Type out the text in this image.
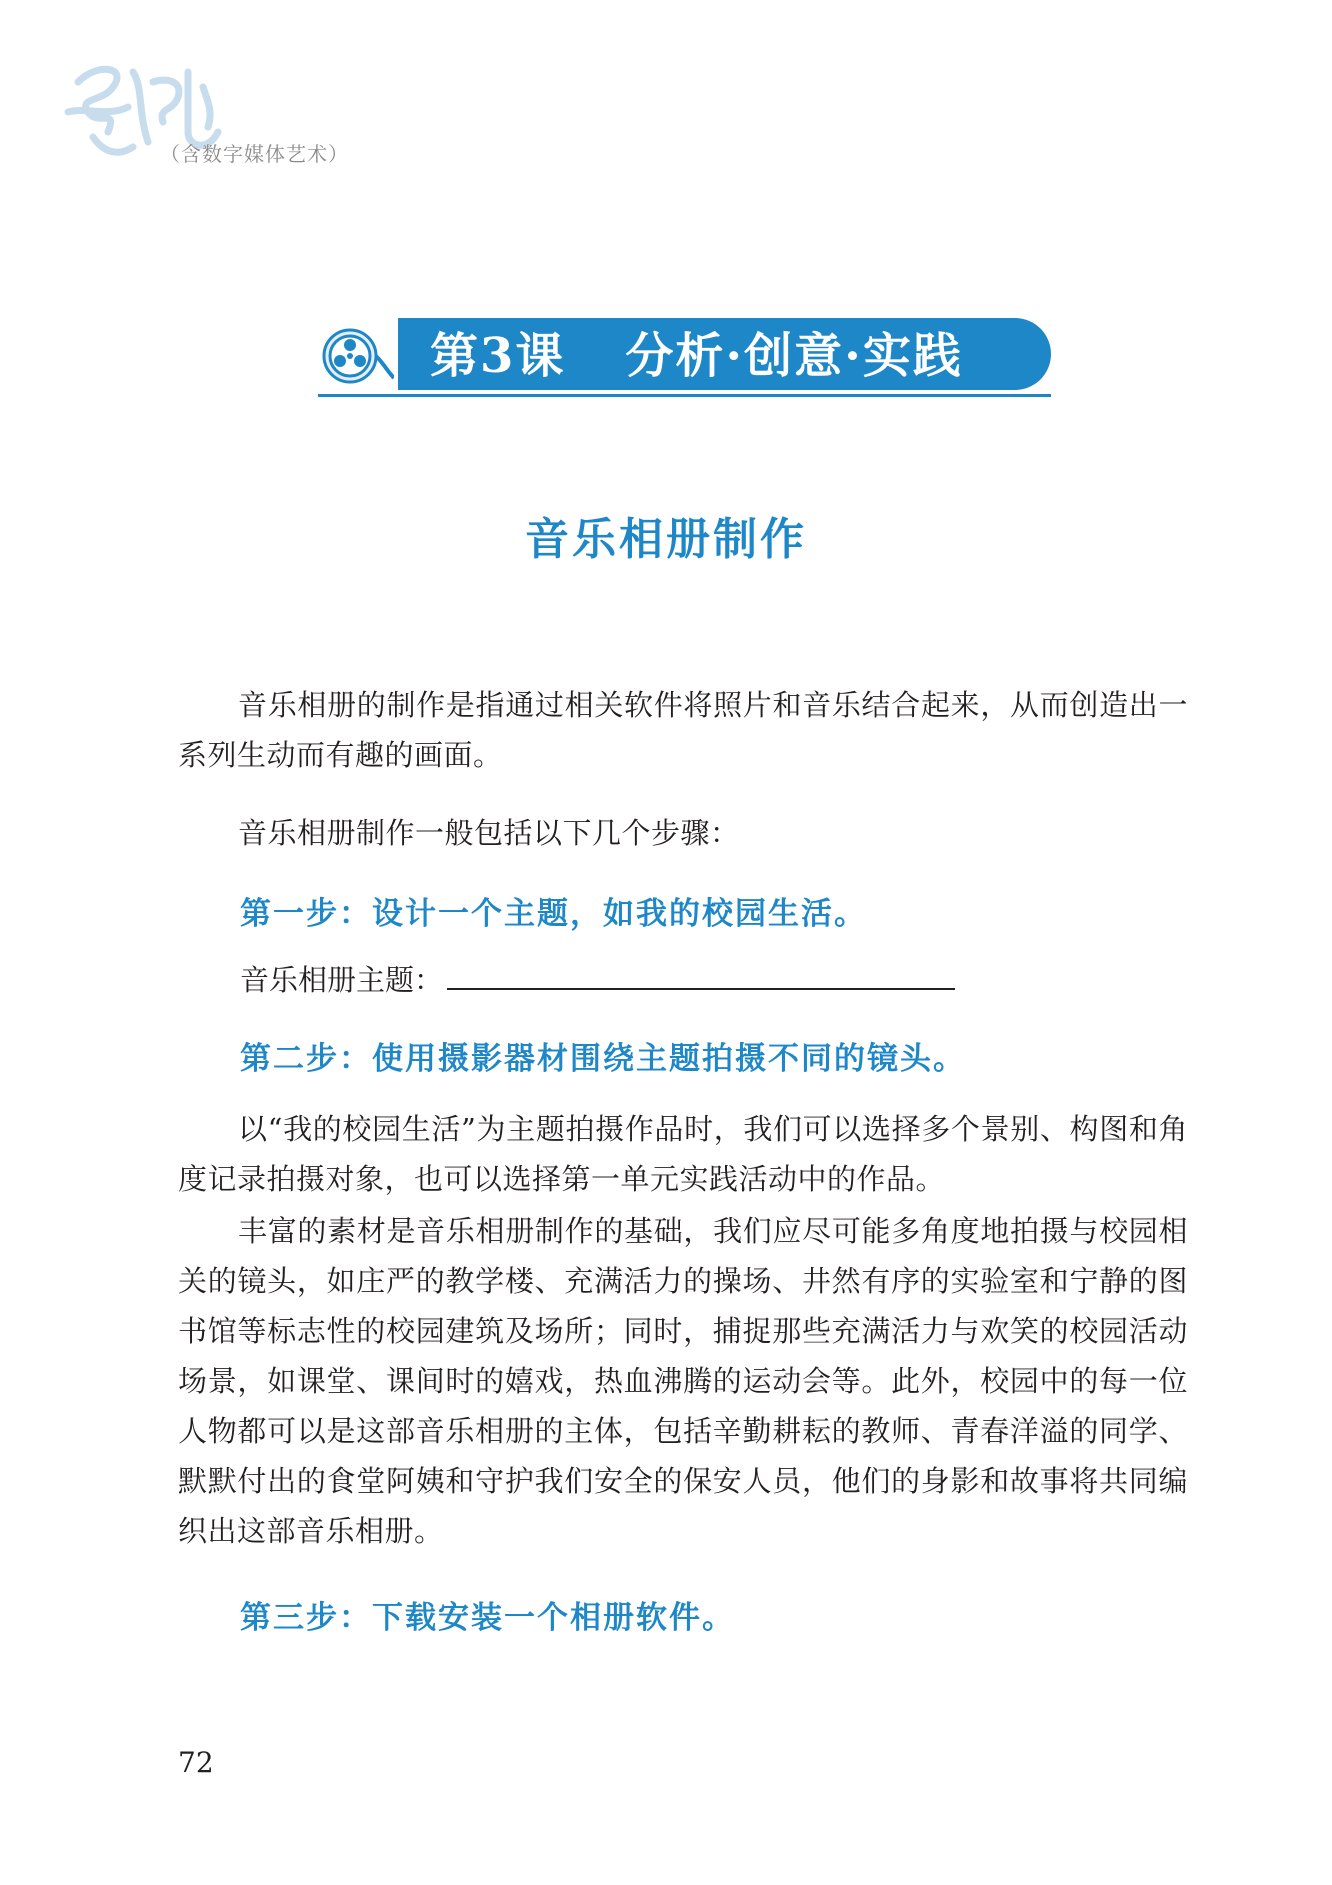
（含数字媒体艺术）
第3课 分析·创意·实践
音乐相册制作

音乐相册的制作是指通过相关软件将照片和音乐结合起来，从而创造出一系列生动而有趣的画面。

音乐相册制作一般包括以下几个步骤：

第一步：设计一个主题，如我的校园生活。
音乐相册主题：
第二步：使用摄影器材围绕主题拍摄不同的镜头。

以“我的校园生活”为主题拍摄作品时，我们可以选择多个景别、构图和角度记录拍摄对象，也可以选择第一单元实践活动中的作品。

丰富的素材是音乐相册制作的基础，我们应尽可能多角度地拍摄与校园相关的镜头，如庄严的教学楼、充满活力的操场、井然有序的实验室和宁静的图书馆等标志性的校园建筑及场所；同时，捕捉那些充满活力与欢笑的校园活动场景，如课堂、课间时的嬉戏，热血沸腾的运动会等。此外，校园中的每一位人物都可以是这部音乐相册的主体，包括辛勤耕耘的教师、青春洋溢的同学、默默付出的食堂阿姨和守护我们安全的保安人员，他们的身影和故事将共同编织出这部音乐相册。

第三步：下载安装一个相册软件。
72
